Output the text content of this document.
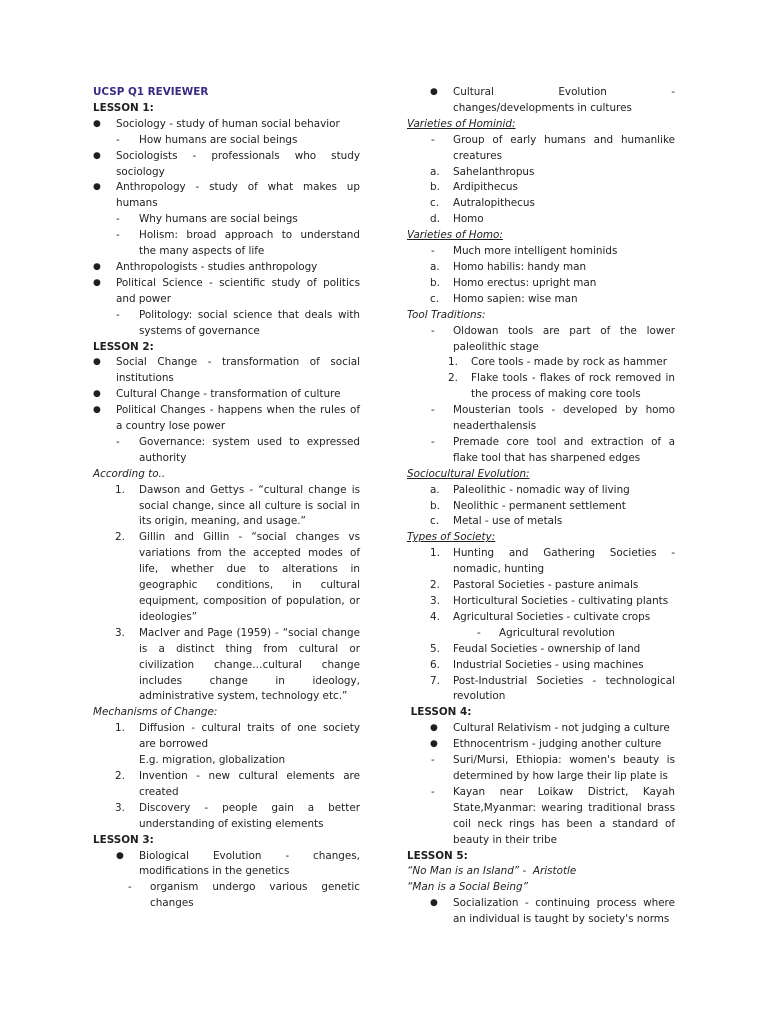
UCSP Q1 REVIEWER
LESSON 1:
● Sociology - study of human social behavior
- How humans are social beings
● Sociologists - professionals who study sociology
● Anthropology - study of what makes up humans
- Why humans are social beings
- Holism: broad approach to understand the many aspects of life
● Anthropologists - studies anthropology
● Political Science - scientific study of politics and power
- Politology: social science that deals with systems of governance
LESSON 2:
● Social Change - transformation of social institutions
● Cultural Change - transformation of culture
● Political Changes - happens when the rules of a country lose power
- Governance: system used to expressed authority
According to..
1. Dawson and Gettys - “cultural change is social change, since all culture is social in its origin, meaning, and usage.”
2. Gillin and Gillin - “social changes vs variations from the accepted modes of life, whether due to alterations in geographic conditions, in cultural equipment, composition of population, or ideologies”
3. MacIver and Page (1959) - “social change is a distinct thing from cultural or civilization change…cultural change includes change in ideology, administrative system, technology etc.”
Mechanisms of Change:
1. Diffusion - cultural traits of one society are borrowed
E.g. migration, globalization
2. Invention - new cultural elements are created
3. Discovery - people gain a better understanding of existing elements
LESSON 3:
● Biological Evolution - changes, modifications in the genetics
- organism undergo various genetic changes
● Cultural Evolution - changes/developments in cultures
Varieties of Hominid:
- Group of early humans and humanlike creatures
a. Sahelanthropus
b. Ardipithecus
c. Autralopithecus
d. Homo
Varieties of Homo:
- Much more intelligent hominids
a. Homo habilis: handy man
b. Homo erectus: upright man
c. Homo sapien: wise man
Tool Traditions:
- Oldowan tools are part of the lower paleolithic stage
1. Core tools - made by rock as hammer
2. Flake tools - flakes of rock removed in the process of making core tools
- Mousterian tools - developed by homo neaderthalensis
- Premade core tool and extraction of a flake tool that has sharpened edges
Sociocultural Evolution:
a. Paleolithic - nomadic way of living
b. Neolithic - permanent settlement
c. Metal - use of metals
Types of Society:
1. Hunting and Gathering Societies - nomadic, hunting
2. Pastoral Societies - pasture animals
3. Horticultural Societies - cultivating plants
4. Agricultural Societies - cultivate crops
- Agricultural revolution
5. Feudal Societies - ownership of land
6. Industrial Societies - using machines
7. Post-Industrial Societies - technological revolution
LESSON 4:
● Cultural Relativism - not judging a culture
● Ethnocentrism - judging another culture
- Suri/Mursi, Ethiopia: women's beauty is determined by how large their lip plate is
- Kayan near Loikaw District, Kayah State,Myanmar: wearing traditional brass coil neck rings has been a standard of beauty in their tribe
LESSON 5:
“No Man is an Island” -  Aristotle
“Man is a Social Being”
● Socialization - continuing process where an individual is taught by society's norms
